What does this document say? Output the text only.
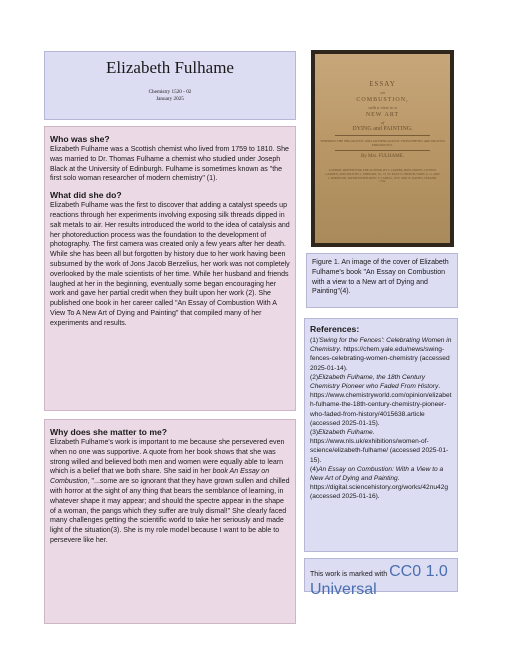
Elizabeth Fulhame
Chemistry 1520 - 02
January 2025
Who was she?

Elizabeth Fulhame was a Scottish chemist who lived from 1759 to 1810. She was married to Dr. Thomas Fulhame a chemist who studied under Joseph Black at the University of Edinburgh. Fulhame is sometimes known as "the first solo woman researcher of modern chemistry" (1).

What did she do?

Elizabeth Fulhame was the first to discover that adding a catalyst speeds up reactions through her experiments involving exposing silk threads dipped in salt metals to air. Her results introduced the world to the idea of catalysis and her photoreduction process was the foundation to the development of photography. The first camera was created only a few years after her death. While she has been all but forgotten by history due to her work having been subsumed by the work of Jons Jacob Berzelius, her work was not completely overlooked by the male scientists of her time. While her husband and friends laughed at her in the beginning, eventually some began encouraging her work and gave her partial credit when they built upon her work (2). She published one book in her career called "An Essay of Combustion With A View To A New Art of Dying and Painting" that compiled many of her experiments and results.

Why does she matter to me?

Elizabeth Fulhame's work is important to me because she persevered even when no one was supportive. A quote from her book shows that she was strong willed and believed both men and women were equally able to learn which is a belief that we both share. She said in her book An Essay on Combustion, "...some are so ignorant that they have grown sullen and chilled with horror at the sight of any thing that bears the semblance of learning, in whatever shape it may appear; and should the spectre appear in the shape of a woman, the pangs which they suffer are truly dismal!" She clearly faced many challenges getting the scientific world to take her seriously and made light of the situation(3). She is my role model because I want to be able to persevere like her.

ESSAY
on
COMBUSTION,
with a view to a
NEW ART
of
DYING and PAINTING.
WHEREIN THE PHLOGISTIC AND ANTIPHLOGISTIC HYPOTHESES ARE PROVED ERRONEOUS.
By Mrs. FULHAME.
LONDON: PRINTED FOR THE AUTHOR, BY J. COOPER, BOW-STREET, COVENT GARDEN. AND SOLD BY J. JOHNSON, No. 72, ST. PAUL'S CHURCH-YARD; G. G. AND J. ROBINSON, PATERNOSTER-ROW; T. CADELL, JUN. AND W. DAVIES, STRAND. 1794.

Figure 1. An image of the cover of Elizabeth Fulhame's book "An Essay on Combustion with a view to a New art of Dying and Painting"(4).

References:

(1)'Swing for the Fences': Celebrating Women in Chemistry. https://chem.yale.edu/news/swing-fences-celebrating-women-chemistry (accessed 2025-01-14).

(2)Elizabeth Fulhame, the 18th Century Chemistry Pioneer who Faded From History. https://www.chemistryworld.com/opinion/elizabeth-fulhame-the-18th-century-chemistry-pioneer-who-faded-from-history/4015638.article (accessed 2025-01-15).

(3)Elizabeth Fulhame. https://www.nls.uk/exhibitions/women-of-science/elizabeth-fulhame/ (accessed 2025-01-15).

(4)An Essay on Combustion: With a View to a New Art of Dying and Painting. https://digital.sciencehistory.org/works/42nu42g (accessed 2025-01-16).

This work is marked with CC0 1.0 Universal
